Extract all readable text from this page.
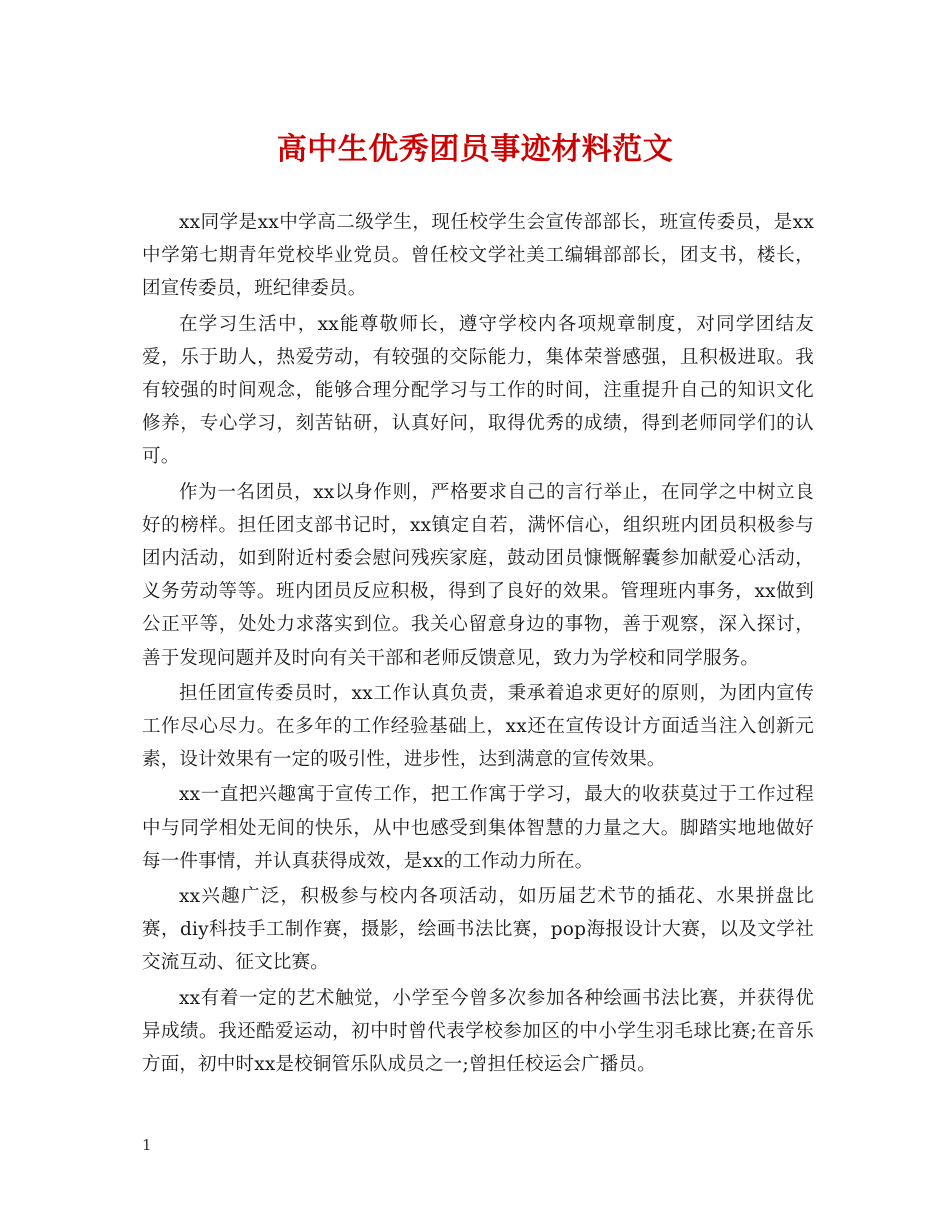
高中生优秀团员事迹材料范文

xx同学是xx中学高二级学生，现任校学生会宣传部部长，班宣传委员，是xx中学第七期青年党校毕业党员。曾任校文学社美工编辑部部长，团支书，楼长，团宣传委员，班纪律委员。

在学习生活中，xx能尊敬师长，遵守学校内各项规章制度，对同学团结友爱，乐于助人，热爱劳动，有较强的交际能力，集体荣誉感强，且积极进取。我有较强的时间观念，能够合理分配学习与工作的时间，注重提升自己的知识文化修养，专心学习，刻苦钻研，认真好问，取得优秀的成绩，得到老师同学们的认可。

作为一名团员，xx以身作则，严格要求自己的言行举止，在同学之中树立良好的榜样。担任团支部书记时，xx镇定自若，满怀信心，组织班内团员积极参与团内活动，如到附近村委会慰问残疾家庭，鼓动团员慷慨解囊参加献爱心活动，义务劳动等等。班内团员反应积极，得到了良好的效果。管理班内事务，xx做到公正平等，处处力求落实到位。我关心留意身边的事物，善于观察，深入探讨，善于发现问题并及时向有关干部和老师反馈意见，致力为学校和同学服务。

担任团宣传委员时，xx工作认真负责，秉承着追求更好的原则，为团内宣传工作尽心尽力。在多年的工作经验基础上，xx还在宣传设计方面适当注入创新元素，设计效果有一定的吸引性，进步性，达到满意的宣传效果。

xx一直把兴趣寓于宣传工作，把工作寓于学习，最大的收获莫过于工作过程中与同学相处无间的快乐，从中也感受到集体智慧的力量之大。脚踏实地地做好每一件事情，并认真获得成效，是xx的工作动力所在。

xx兴趣广泛，积极参与校内各项活动，如历届艺术节的插花、水果拼盘比赛，diy科技手工制作赛，摄影，绘画书法比赛，pop海报设计大赛，以及文学社交流互动、征文比赛。

xx有着一定的艺术触觉，小学至今曾多次参加各种绘画书法比赛，并获得优异成绩。我还酷爱运动，初中时曾代表学校参加区的中小学生羽毛球比赛;在音乐方面，初中时xx是校铜管乐队成员之一;曾担任校运会广播员。

1
